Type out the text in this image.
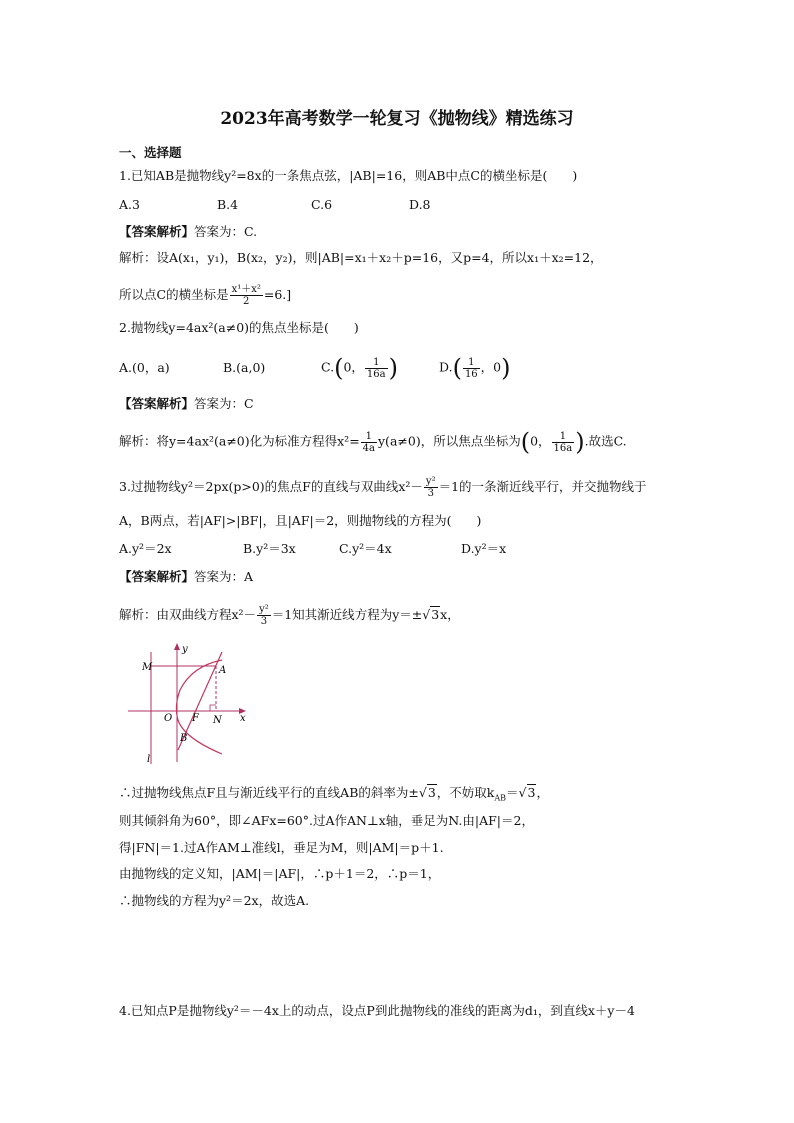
2023年高考数学一轮复习《抛物线》精选练习
一、选择题
1.已知AB是抛物线y²=8x的一条焦点弦，|AB|=16，则AB中点C的横坐标是(　　)
A.3	B.4	C.6	D.8
【答案解析】答案为：C.
解析：设A(x₁，y₁)，B(x₂，y₂)，则|AB|=x₁＋x₂＋p=16，又p=4，所以x₁＋x₂=12，
所以点C的横坐标是 $\frac{\text{x¹＋x²}}{2} =6$.]
2.抛物线y=4ax²(a≠0)的焦点坐标是(　　)
A.(0，a)	B.(a,0)	C.(0， $\frac{1}{16a}$ )	$D.( \frac{1}{16}$ ，0)
【答案解析】答案为：C
解析：将y=4ax²(a≠0)化为标准方程得$x^2= \frac{1}{4a} y(a\ne 0)$，所以焦点坐标为(0， $\frac{1}{16a}$ ).故选C.
3.过抛物线y²＝2px(p>0)的焦点F的直线与双曲线$x^2- \frac{\text{y²}}{3} =1$的一条渐近线平行，并交抛物线于
A，B两点，若|AF|>|BF|，且|AF|＝2，则抛物线的方程为(　　)
A.y²＝2x	B.y²＝3x	C.y²＝4x	D.y²＝x
【答案解析】答案为：A
解析：由双曲线方程$x^2- \frac{\text{y²}}{3} =1$知其渐近线方程为y＝±√3x，
y
M	A
O F N x
B
l
∴过抛物线焦点F且与渐近线平行的直线AB的斜率为±√3，不妨取$k_{AB}=√3$，
则其倾斜角为60°，即∠AFx=60°.过A作AN⊥x轴，垂足为N.由|AF|＝2，
得|FN|＝1.过A作AM⊥准线l，垂足为M，则|AM|＝p＋1.
由抛物线的定义知，|AM|＝|AF|，∴p＋1＝2，∴p＝1，
∴抛物线的方程为y²＝2x，故选A.
4.已知点P是抛物线y²＝－4x上的动点，设点P到此抛物线的准线的距离为d₁，到直线x＋y－4
